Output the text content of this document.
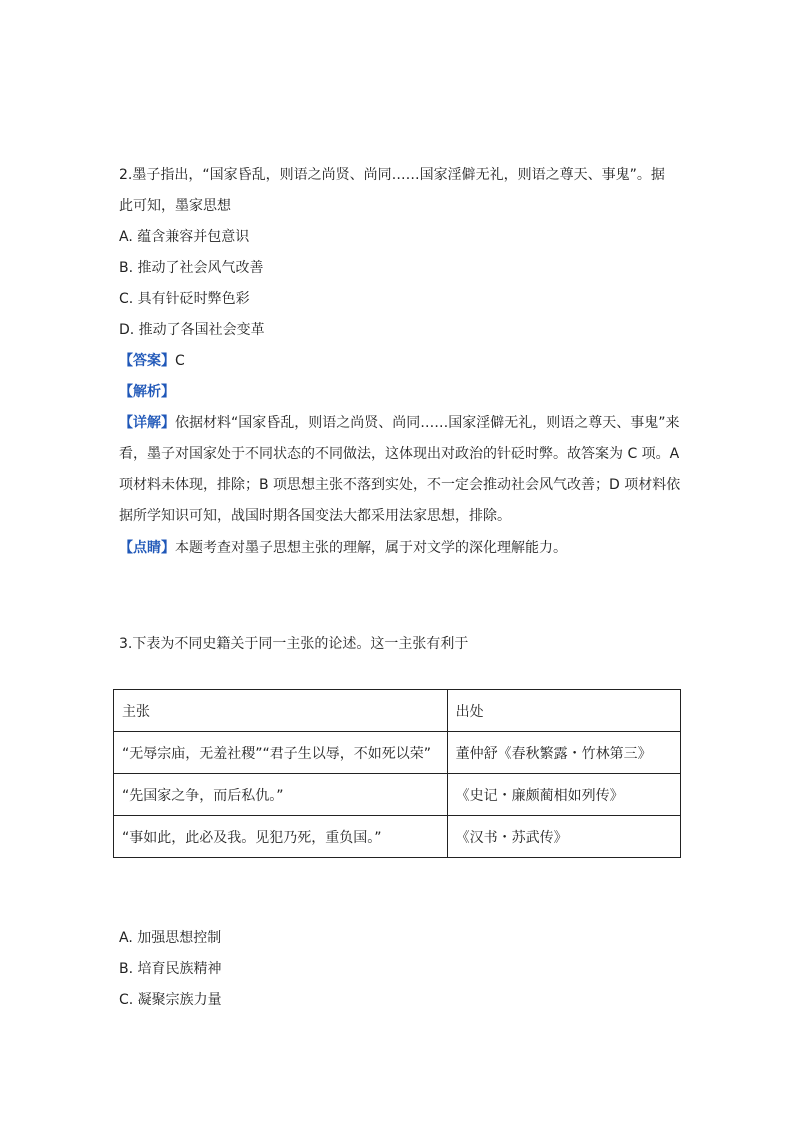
2.墨子指出，“国家昏乱，则语之尚贤、尚同……国家淫僻无礼，则语之尊天、事鬼”。据
此可知，墨家思想
A. 蕴含兼容并包意识
B. 推动了社会风气改善
C. 具有针砭时弊色彩
D. 推动了各国社会变革
【答案】C
【解析】
【详解】依据材料“国家昏乱，则语之尚贤、尚同……国家淫僻无礼，则语之尊天、事鬼”来
看，墨子对国家处于不同状态的不同做法，这体现出对政治的针砭时弊。故答案为 C 项。A
项材料未体现，排除；B 项思想主张不落到实处，不一定会推动社会风气改善；D 项材料依
据所学知识可知，战国时期各国变法大都采用法家思想，排除。
【点睛】本题考查对墨子思想主张的理解，属于对文学的深化理解能力。
3.下表为不同史籍关于同一主张的论述。这一主张有利于
主张	出处
“无辱宗庙，无羞社稷”“君子生以辱，不如死以荣”	董仲舒《春秋繁露・竹林第三》
“先国家之争，而后私仇。”	《史记・廉颇蔺相如列传》
“事如此，此必及我。见犯乃死，重负国。”	《汉书・苏武传》
A. 加强思想控制
B. 培育民族精神
C. 凝聚宗族力量
